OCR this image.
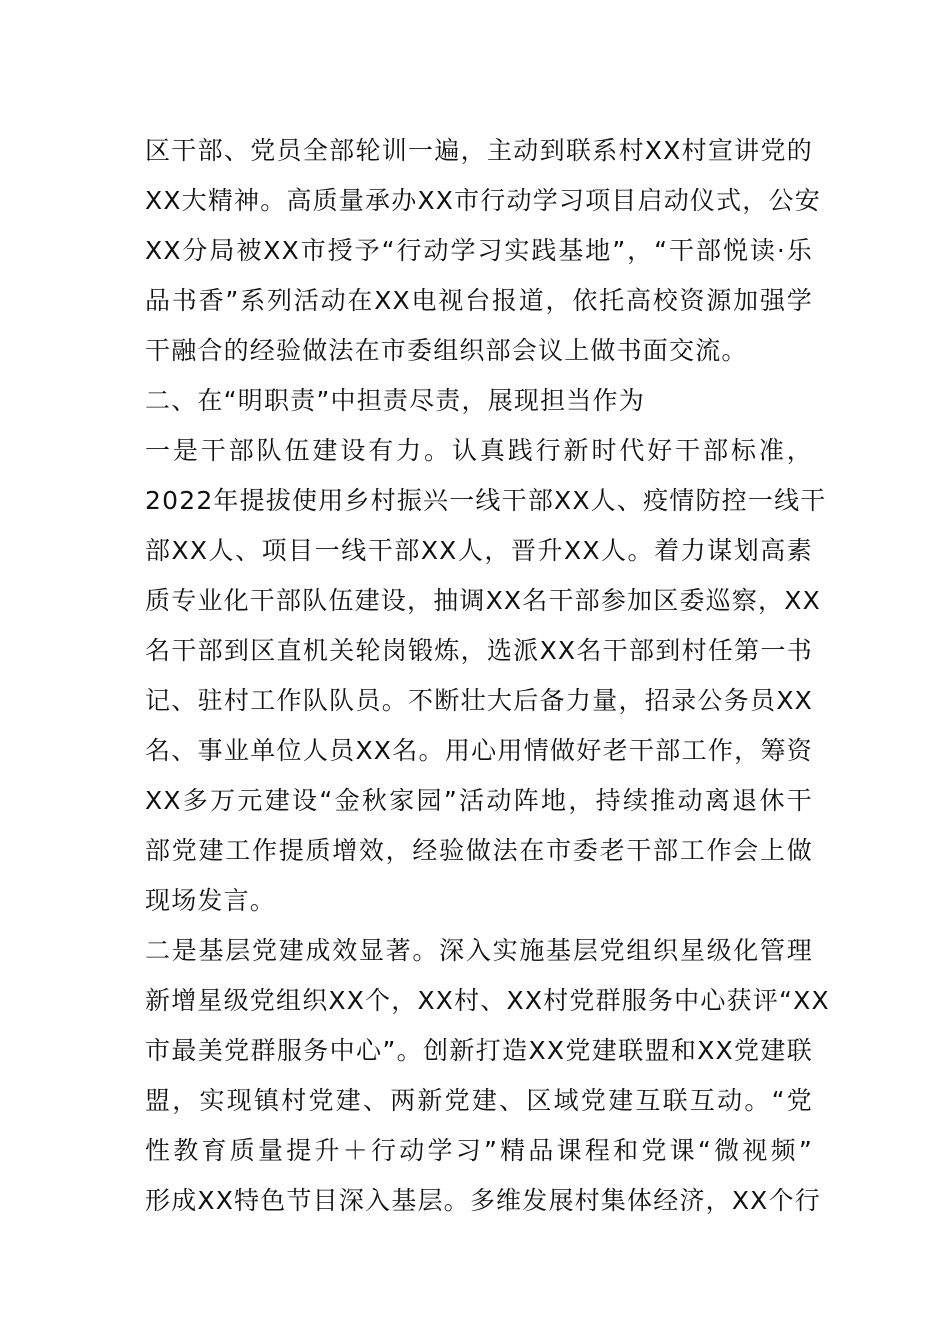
区干部、党员全部轮训一遍，主动到联系村XX村宣讲党的
XX大精神。高质量承办XX市行动学习项目启动仪式，公安
XX分局被XX市授予“行动学习实践基地”，“干部悦读·乐
品书香”系列活动在XX电视台报道，依托高校资源加强学
干融合的经验做法在市委组织部会议上做书面交流。
二、在“明职责”中担责尽责，展现担当作为
一是干部队伍建设有力。认真践行新时代好干部标准，
2022年提拔使用乡村振兴一线干部XX人、疫情防控一线干
部XX人、项目一线干部XX人，晋升XX人。着力谋划高素
质专业化干部队伍建设，抽调XX名干部参加区委巡察，XX
名干部到区直机关轮岗锻炼，选派XX名干部到村任第一书
记、驻村工作队队员。不断壮大后备力量，招录公务员XX
名、事业单位人员XX名。用心用情做好老干部工作，筹资
XX多万元建设“金秋家园”活动阵地，持续推动离退休干
部党建工作提质增效，经验做法在市委老干部工作会上做
现场发言。
二是基层党建成效显著。深入实施基层党组织星级化管理
新增星级党组织XX个，XX村、XX村党群服务中心获评“XX
市最美党群服务中心”。创新打造XX党建联盟和XX党建联
盟，实现镇村党建、两新党建、区域党建互联互动。“党
性教育质量提升＋行动学习”精品课程和党课“微视频”
形成XX特色节目深入基层。多维发展村集体经济，XX个行
